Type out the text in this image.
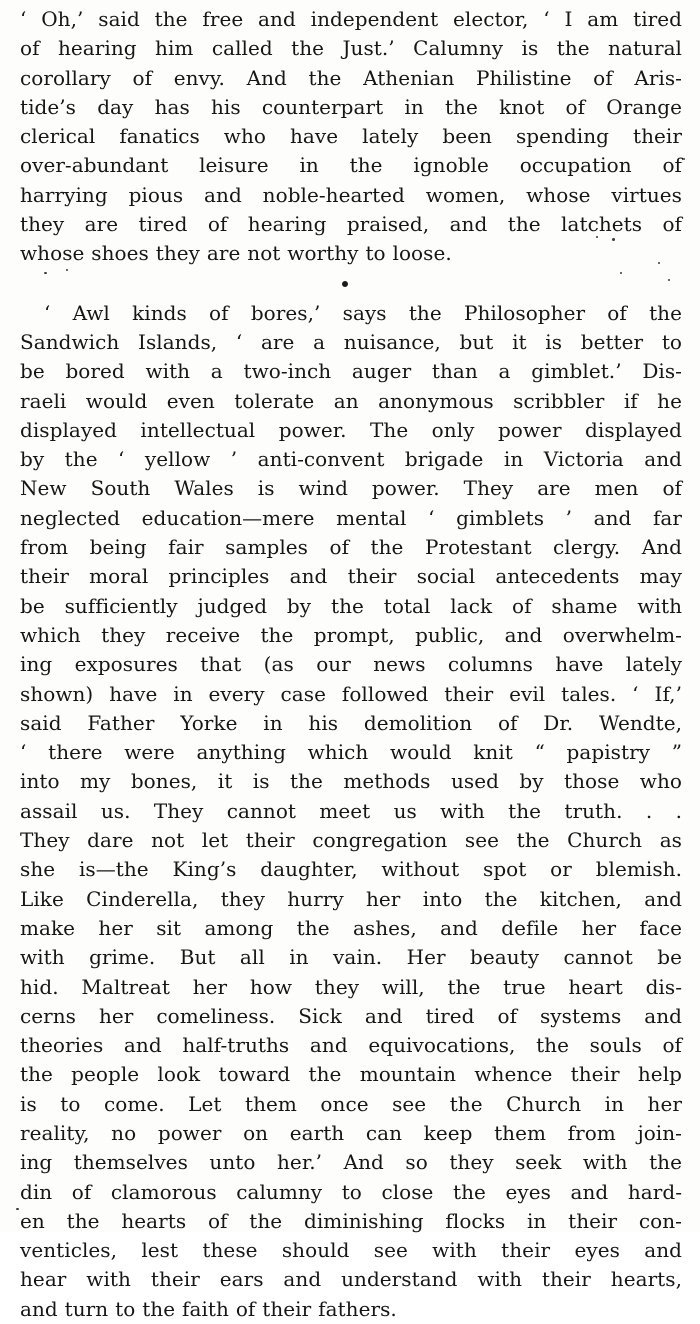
‘ Oh,’ said the free and independent elector, ‘ I am tired
of hearing him called the Just.’ Calumny is the natural
corollary of envy. And the Athenian Philistine of Aris-
tide’s day has his counterpart in the knot of Orange
clerical fanatics who have lately been spending their
over-abundant leisure in the ignoble occupation of
harrying pious and noble-hearted women, whose virtues
they are tired of hearing praised, and the latchets of
whose shoes they are not worthy to loose.
‘ Awl kinds of bores,’ says the Philosopher of the
Sandwich Islands, ‘ are a nuisance, but it is better to
be bored with a two-inch auger than a gimblet.’ Dis-
raeli would even tolerate an anonymous scribbler if he
displayed intellectual power. The only power displayed
by the ‘ yellow ’ anti-convent brigade in Victoria and
New South Wales is wind power. They are men of
neglected education—mere mental ‘ gimblets ’ and far
from being fair samples of the Protestant clergy. And
their moral principles and their social antecedents may
be sufficiently judged by the total lack of shame with
which they receive the prompt, public, and overwhelm-
ing exposures that (as our news columns have lately
shown) have in every case followed their evil tales. ‘ If,’
said Father Yorke in his demolition of Dr. Wendte,
‘ there were anything which would knit “ papistry ”
into my bones, it is the methods used by those who
assail us. They cannot meet us with the truth. . .
They dare not let their congregation see the Church as
she is—the King’s daughter, without spot or blemish.
Like Cinderella, they hurry her into the kitchen, and
make her sit among the ashes, and defile her face
with grime. But all in vain. Her beauty cannot be
hid. Maltreat her how they will, the true heart dis-
cerns her comeliness. Sick and tired of systems and
theories and half-truths and equivocations, the souls of
the people look toward the mountain whence their help
is to come. Let them once see the Church in her
reality, no power on earth can keep them from join-
ing themselves unto her.’ And so they seek with the
din of clamorous calumny to close the eyes and hard-
en the hearts of the diminishing flocks in their con-
venticles, lest these should see with their eyes and
hear with their ears and understand with their hearts,
and turn to the faith of their fathers.
